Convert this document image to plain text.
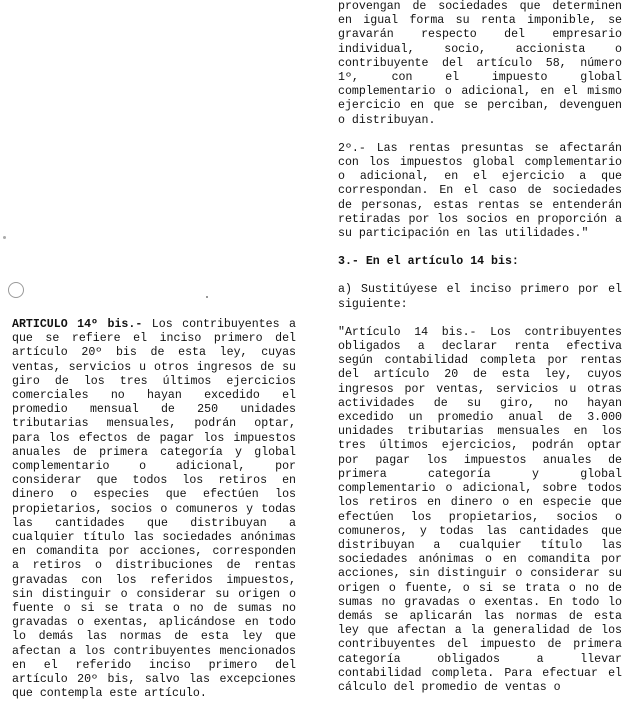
ARTICULO 14º bis.- Los contribuyentes a que se refiere el inciso primero del artículo 20º bis de esta ley, cuyas ventas, servicios u otros ingresos de su giro de los tres últimos ejercicios comerciales no hayan excedido el promedio mensual de 250 unidades tributarias mensuales, podrán optar, para los efectos de pagar los impuestos anuales de primera categoría y global complementario o adicional, por considerar que todos los retiros en dinero o especies que efectúen los propietarios, socios o comuneros y todas las cantidades que distribuyan a cualquier título las sociedades anónimas en comandita por acciones, corresponden a retiros o distribuciones de rentas gravadas con los referidos impuestos, sin distinguir o considerar su origen o fuente o si se trata o no de sumas no gravadas o exentas, aplicándose en todo lo demás las normas de esta ley que afectan a los contribuyentes mencionados en el referido inciso primero del artículo 20º bis, salvo las excepciones que contempla este artículo.

provengan de sociedades que determinen en igual forma su renta imponible, se gravarán respecto del empresario individual, socio, accionista o contribuyente del artículo 58, número 1º, con el impuesto global complementario o adicional, en el mismo ejercicio en que se perciban, devenguen o distribuyan.

2º.- Las rentas presuntas se afectarán con los impuestos global complementario o adicional, en el ejercicio a que correspondan. En el caso de sociedades de personas, estas rentas se entenderán retiradas por los socios en proporción a su participación en las utilidades."

3.- En el artículo 14 bis:

a) Sustitúyese el inciso primero por el siguiente:

"Artículo 14 bis.- Los contribuyentes obligados a declarar renta efectiva según contabilidad completa por rentas del artículo 20 de esta ley, cuyos ingresos por ventas, servicios u otras actividades de su giro, no hayan excedido un promedio anual de 3.000 unidades tributarias mensuales en los tres últimos ejercicios, podrán optar por pagar los impuestos anuales de primera categoría y global complementario o adicional, sobre todos los retiros en dinero o en especie que efectúen los propietarios, socios o comuneros, y todas las cantidades que distribuyan a cualquier título las sociedades anónimas o en comandita por acciones, sin distinguir o considerar su origen o fuente, o si se trata o no de sumas no gravadas o exentas. En todo lo demás se aplicarán las normas de esta ley que afectan a la generalidad de los contribuyentes del impuesto de primera categoría obligados a llevar contabilidad completa. Para efectuar el cálculo del promedio de ventas o
